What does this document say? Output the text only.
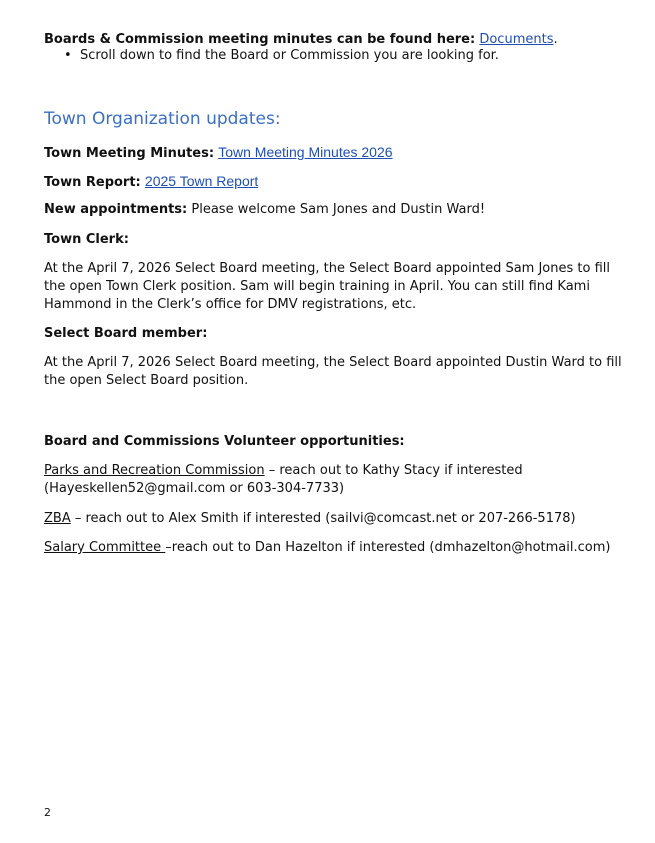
Boards & Commission meeting minutes can be found here: Documents.
• Scroll down to find the Board or Commission you are looking for.
Town Organization updates:
Town Meeting Minutes: Town Meeting Minutes 2026
Town Report: 2025 Town Report
New appointments: Please welcome Sam Jones and Dustin Ward!
Town Clerk:
At the April 7, 2026 Select Board meeting, the Select Board appointed Sam Jones to fill
the open Town Clerk position. Sam will begin training in April. You can still find Kami
Hammond in the Clerk’s office for DMV registrations, etc.
Select Board member:
At the April 7, 2026 Select Board meeting, the Select Board appointed Dustin Ward to fill
the open Select Board position.
Board and Commissions Volunteer opportunities:
Parks and Recreation Commission – reach out to Kathy Stacy if interested
(Hayeskellen52@gmail.com or 603-304-7733)
ZBA – reach out to Alex Smith if interested (sailvi@comcast.net or 207-266-5178)
Salary Committee –reach out to Dan Hazelton if interested (dmhazelton@hotmail.com)
2
